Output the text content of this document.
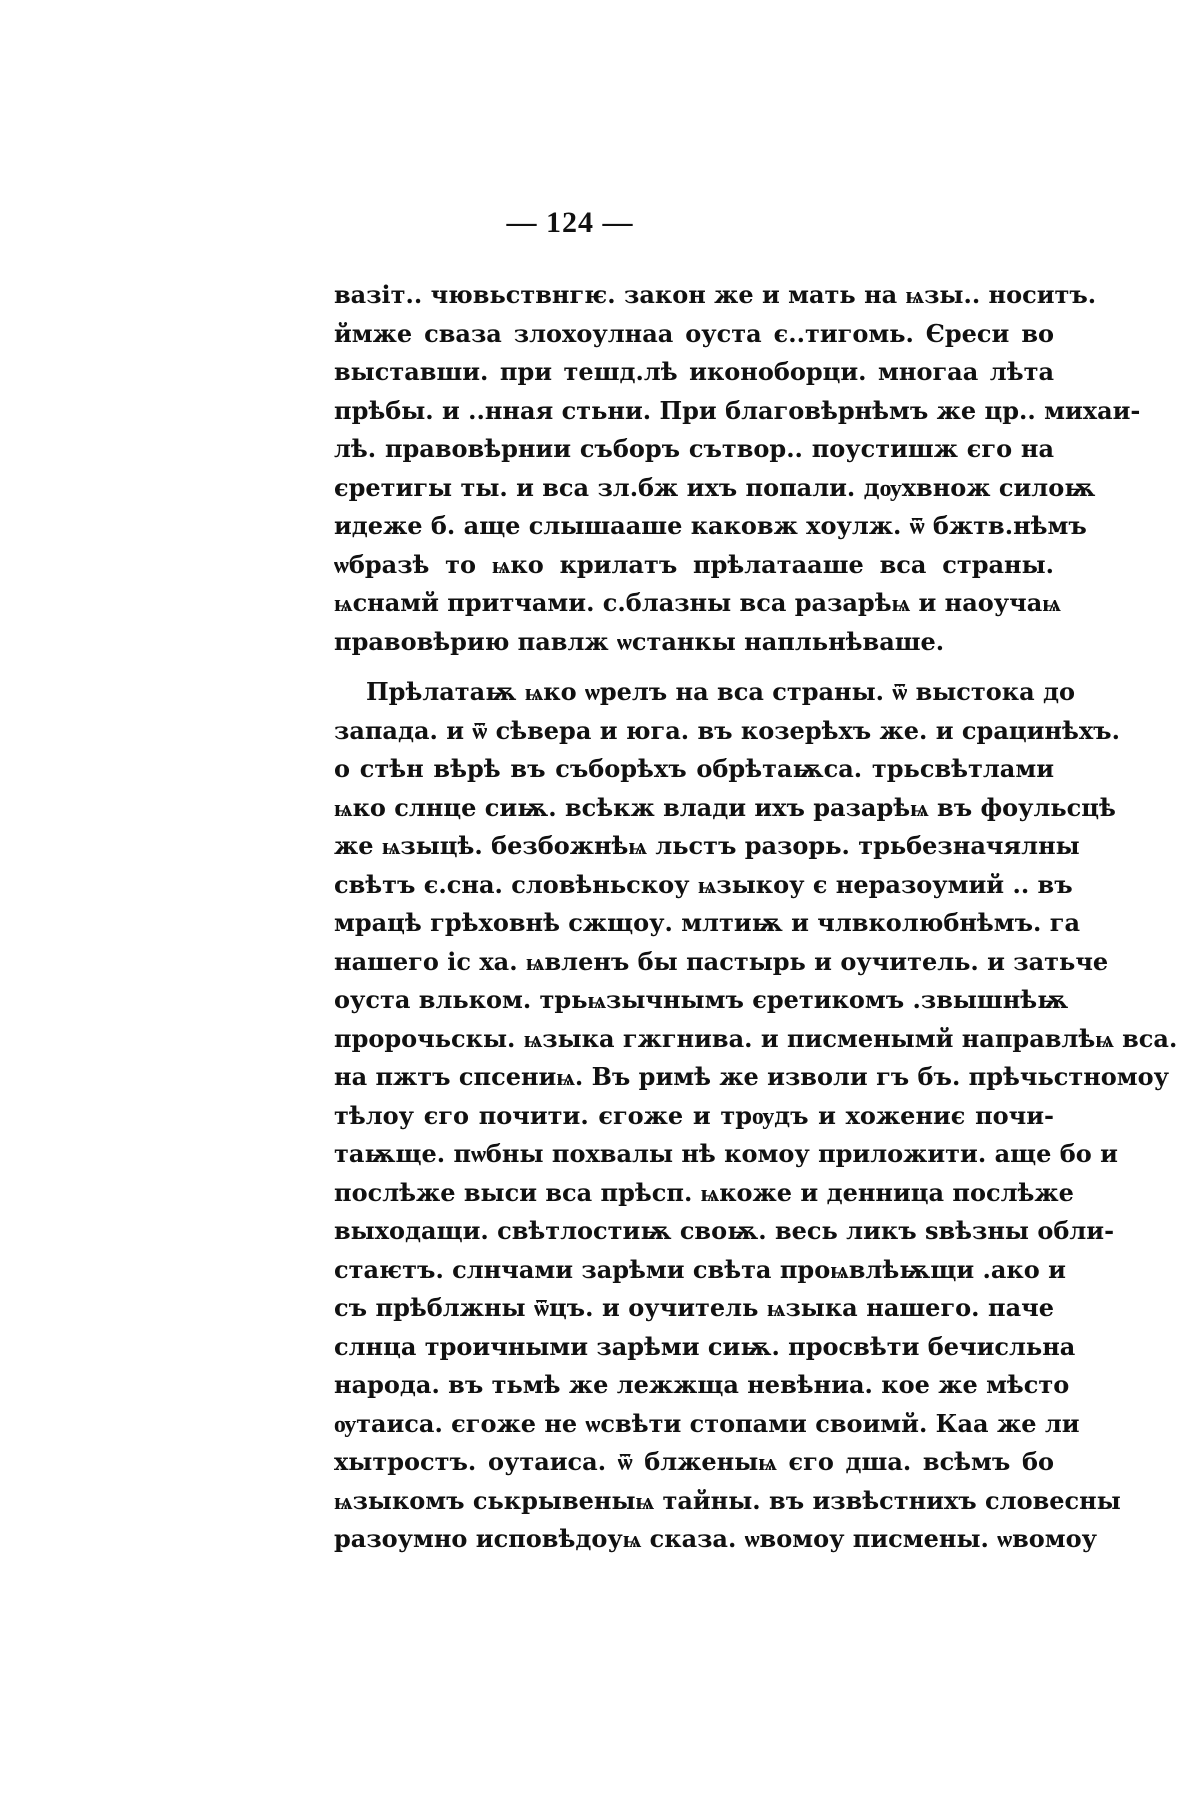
— 124 —
вазіт.. чювьствнгѥ. закон же и мать на ѩзы.. носитъ.
ймже сваза злохоулнаа оуста є..тигомь. Єреси во
выставши. при тешд.лѣ иконоборци. многаа лѣта
прѣбы. и ..нная стьни. При благовѣрнѣмъ же цр.. михаи-
лѣ. правовѣрнии съборъ сътвор.. поустишж єго на
єретигы ты. и вса зл.бж ихъ попали. дѹхвнож силоѭ
идеже б. аще слышааше каковж хоулж. ѿ бжтв.нѣмъ
ѡбразѣ то ѩко крилатъ прѣлатааше вса страны.
ѩснамй притчами. с.блазны вса разарѣѩ и наоучаѩ
правовѣрию павлж ѡстанкы напльнѣваше.
Прѣлатаѭ ѩко ѡрелъ на вса страны. ѿ выстока до
запада. и ѿ сѣвера и юга. въ козерѣхъ же. и срацинѣхъ.
о стѣн вѣрѣ въ съборѣхъ обрѣтаѭса. трьсвѣтлами
ѩко слнце сиѭ. всѣкж влади ихъ разарѣѩ въ фоульсцѣ
же ѩзыцѣ. безбожнѣѩ льстъ разорь. трьбезначялны
свѣтъ є.сна. словѣньскоу ѩзыкоу є неразоумий .. въ
мрацѣ грѣховнѣ сжщоу. млтиѭ и члвколюбнѣмъ. га
нашего іс ха. ѩвленъ бы пастырь и оучитель. и затьче
оуста вльком. трьѩзычнымъ єретикомъ .звышнѣѭ
пророчьскы. ѩзыка гжгнива. и писменымй направлѣѩ вса.
на пжтъ спсениѩ. Въ римѣ же изволи гъ бъ. прѣчьстномоу
тѣлоу єго почити. єгоже и трѹдъ и хожениє почи-
таѭще. пѡбны похвалы нѣ комоу приложити. аще бо и
послѣже выси вса прѣсп. ѩкоже и денница послѣже
выходащи. свѣтлостиѭ своѭ. весь ликъ ѕвѣзны обли-
стаѥтъ. слнчами зарѣми свѣта проѩвлѣѭщи .ако и
съ прѣблжны ѿцъ. и оучитель ѩзыка нашего. паче
слнца троичными зарѣми сиѭ. просвѣти бечисльна
народа. въ тьмѣ же лежжща невѣниа. кое же мѣсто
ѹтаиса. єгоже не ѡсвѣти стопами своимй. Каа же ли
хытростъ. оутаиса. ѿ блженыѩ єго дша. всѣмъ бо
ѩзыкомъ ськрывеныѩ тайны. въ извѣстнихъ словесны
разоумно исповѣдоуѩ сказа. ѡвомоу писмены. ѡвомоу
